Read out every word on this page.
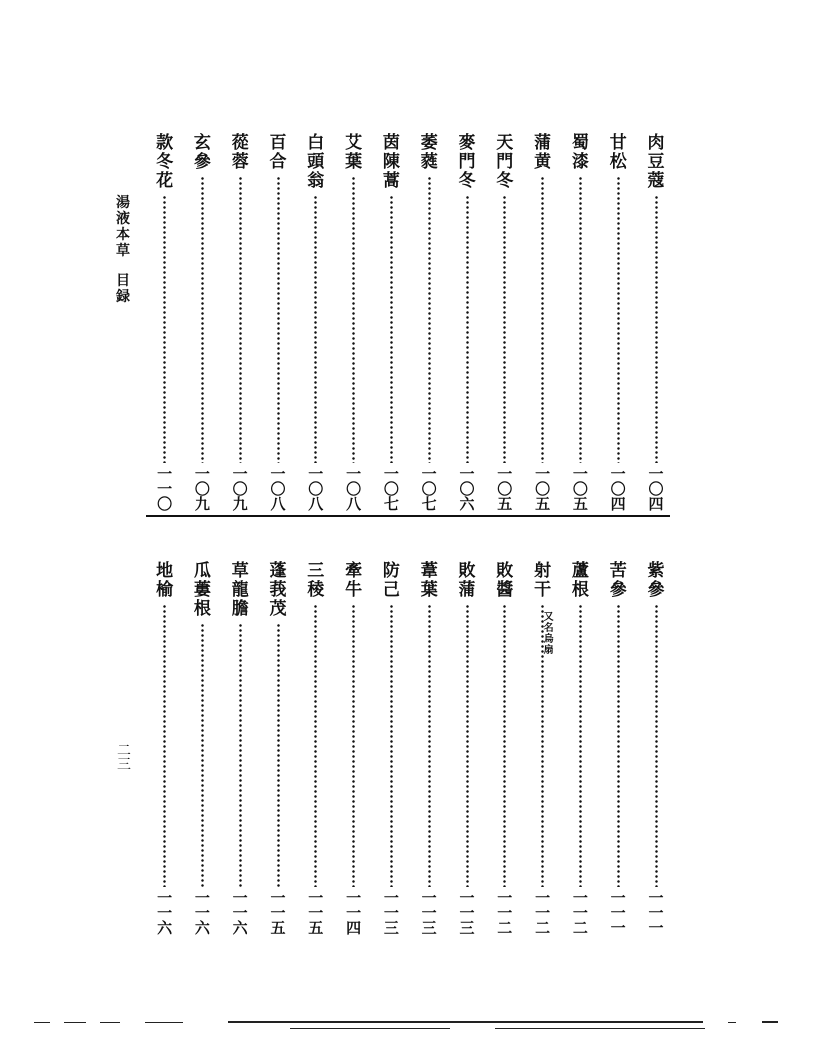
湯
液
本
草
目
録
肉
豆
蔻
一
〇
四
甘
松
一
〇
四
蜀
漆
一
〇
五
蒲
黄
一
〇
五
天
門
冬
一
〇
五
麥
門
冬
一
〇
六
萎
蕤
一
〇
七
茵
陳
蒿
一
〇
七
艾
葉
一
〇
八
白
頭
翁
一
〇
八
百
合
一
〇
八
蓯
蓉
一
〇
九
玄
參
一
〇
九
款
冬
花
一
一
〇
紫
參
一
一
一
苦
參
一
一
一
蘆
根
一
一
二
射
干
又
名
烏
扇
一
一
二
敗
醬
一
一
二
敗
蒲
一
一
三
葦
葉
一
一
三
防
己
一
一
三
牽
牛
一
一
四
三
稜
一
一
五
蓬
莪
茂
一
一
五
草
龍
膽
一
一
六
瓜
蔞
根
一
一
六
地
榆
一
一
六
二
三
